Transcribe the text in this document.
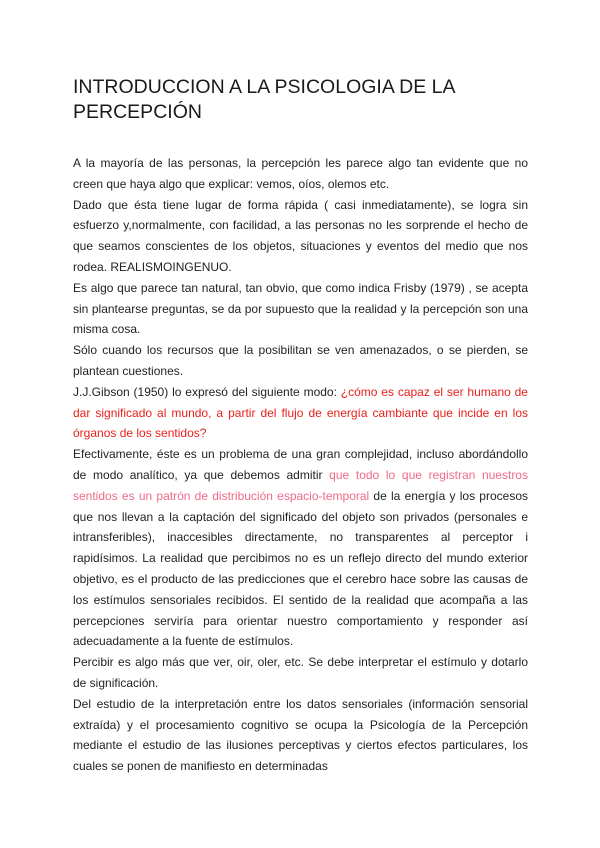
INTRODUCCION A LA PSICOLOGIA DE LA PERCEPCIÓN

A la mayoría de las personas, la percepción les parece algo tan evidente que no creen que haya algo que explicar: vemos, oíos, olemos etc.

Dado que ésta tiene lugar de forma rápida ( casi inmediatamente), se logra sin esfuerzo y,normalmente, con facilidad, a las personas no les sorprende el hecho de que seamos conscientes de los objetos, situaciones y eventos del medio que nos rodea. REALISMOINGENUO.

Es algo que parece tan natural, tan obvio, que como indica Frisby (1979) , se acepta sin plantearse preguntas, se da por supuesto que la realidad y la percepción son una misma cosa.

Sólo cuando los recursos que la posibilitan se ven amenazados, o se pierden, se plantean cuestiones.

J.J.Gibson (1950) lo expresó del siguiente modo: ¿cómo es capaz el ser humano de dar significado al mundo, a partir del flujo de energía cambiante que incide en los órganos de los sentidos?

Efectivamente, éste es un problema de una gran complejidad, incluso abordándollo de modo analítico, ya que debemos admitir que todo lo que registran nuestros sentidos es un patrón de distribución espacio-temporal de la energía y los procesos que nos llevan a la captación del significado del objeto son privados (personales e intransferibles), inaccesibles directamente, no transparentes al perceptor i rapidísimos. La realidad que percibimos no es un reflejo directo del mundo exterior objetivo, es el producto de las predicciones que el cerebro hace sobre las causas de los estímulos sensoriales recibidos. El sentido de la realidad que acompaña a las percepciones serviría para orientar nuestro comportamiento y responder así adecuadamente a la fuente de estímulos.

Percibir es algo más que ver, oir, oler, etc. Se debe interpretar el estímulo y dotarlo de significación.

Del estudio de la interpretación entre los datos sensoriales (información sensorial extraída) y el procesamiento cognitivo se ocupa la Psicología de la Percepción mediante el estudio de las ilusiones perceptivas y ciertos efectos particulares, los cuales se ponen de manifiesto en determinadas
